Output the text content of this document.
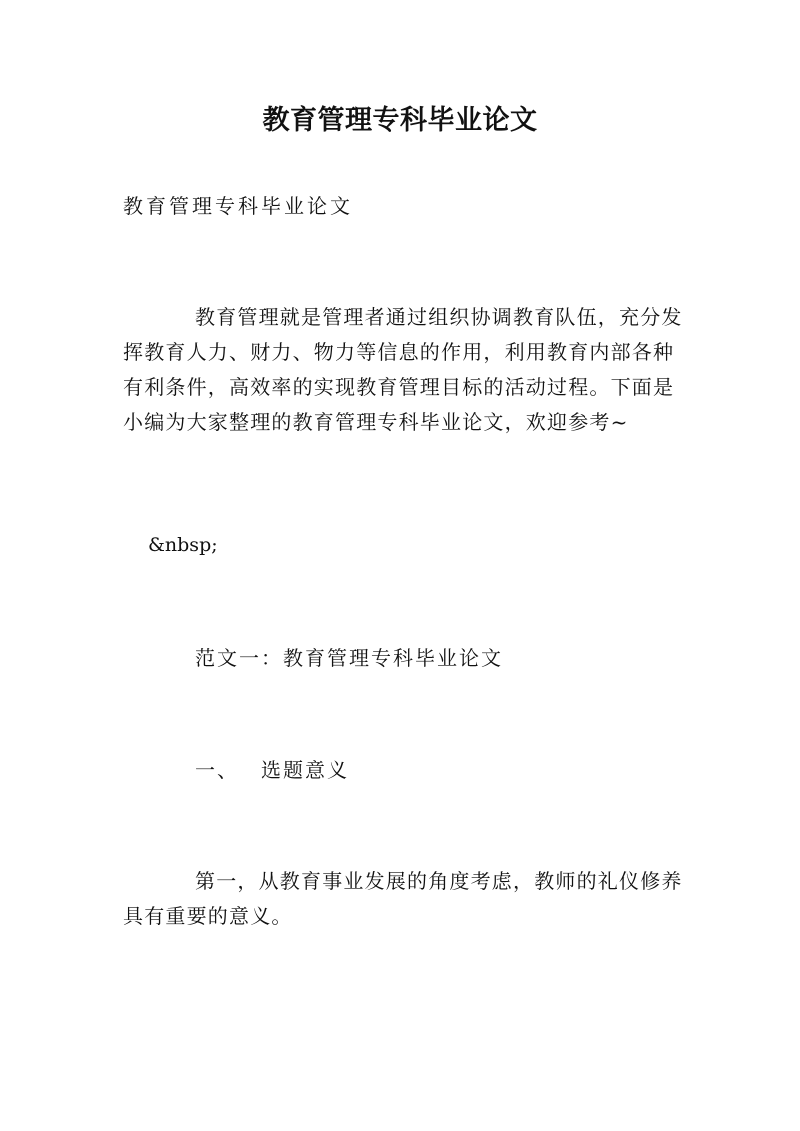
教育管理专科毕业论文

教育管理专科毕业论文

教育管理就是管理者通过组织协调教育队伍，充分发挥教育人力、财力、物力等信息的作用，利用教育内部各种有利条件，高效率的实现教育管理目标的活动过程。下面是小编为大家整理的教育管理专科毕业论文，欢迎参考~

&nbsp;

范文一：教育管理专科毕业论文

一、 选题意义

第一，从教育事业发展的角度考虑，教师的礼仪修养具有重要的意义。
